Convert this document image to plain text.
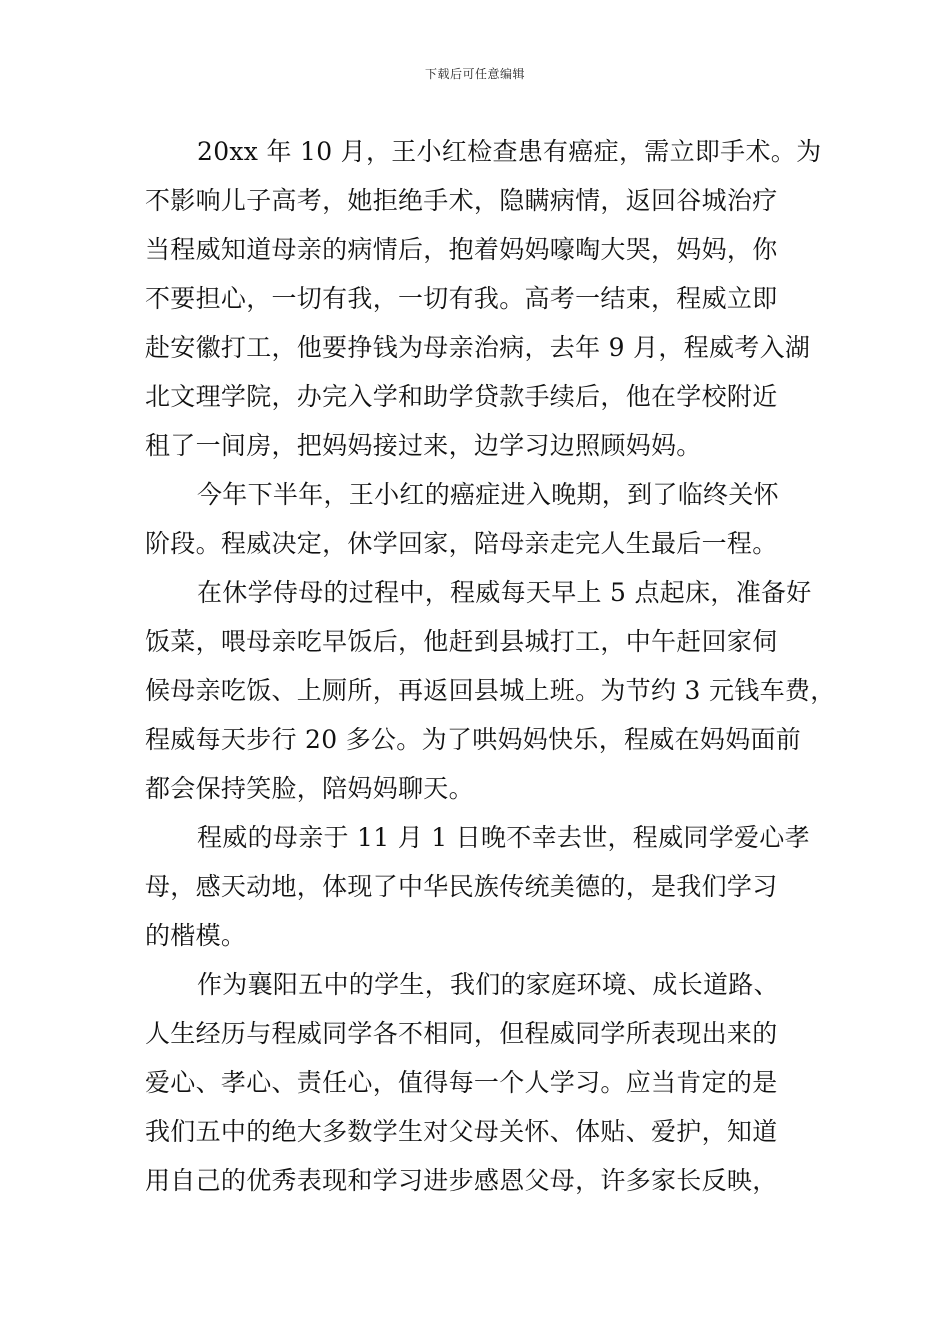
下载后可任意编辑
20xx 年 10 月，王小红检查患有癌症，需立即手术。为
不影响儿子高考，她拒绝手术，隐瞒病情，返回谷城治疗
当程威知道母亲的病情后，抱着妈妈嚎啕大哭，妈妈，你
不要担心，一切有我，一切有我。高考一结束，程威立即
赴安徽打工，他要挣钱为母亲治病，去年 9 月，程威考入湖
北文理学院，办完入学和助学贷款手续后，他在学校附近
租了一间房，把妈妈接过来，边学习边照顾妈妈。
今年下半年，王小红的癌症进入晚期，到了临终关怀
阶段。程威决定，休学回家，陪母亲走完人生最后一程。
在休学侍母的过程中，程威每天早上 5 点起床，准备好
饭菜，喂母亲吃早饭后，他赶到县城打工，中午赶回家伺
候母亲吃饭、上厕所，再返回县城上班。为节约 3 元钱车费，
程威每天步行 20 多公。为了哄妈妈快乐，程威在妈妈面前
都会保持笑脸，陪妈妈聊天。
程威的母亲于 11 月 1 日晚不幸去世，程威同学爱心孝
母，感天动地，体现了中华民族传统美德的，是我们学习
的楷模。
作为襄阳五中的学生，我们的家庭环境、成长道路、
人生经历与程威同学各不相同，但程威同学所表现出来的
爱心、孝心、责任心，值得每一个人学习。应当肯定的是
我们五中的绝大多数学生对父母关怀、体贴、爱护，知道
用自己的优秀表现和学习进步感恩父母，许多家长反映，
